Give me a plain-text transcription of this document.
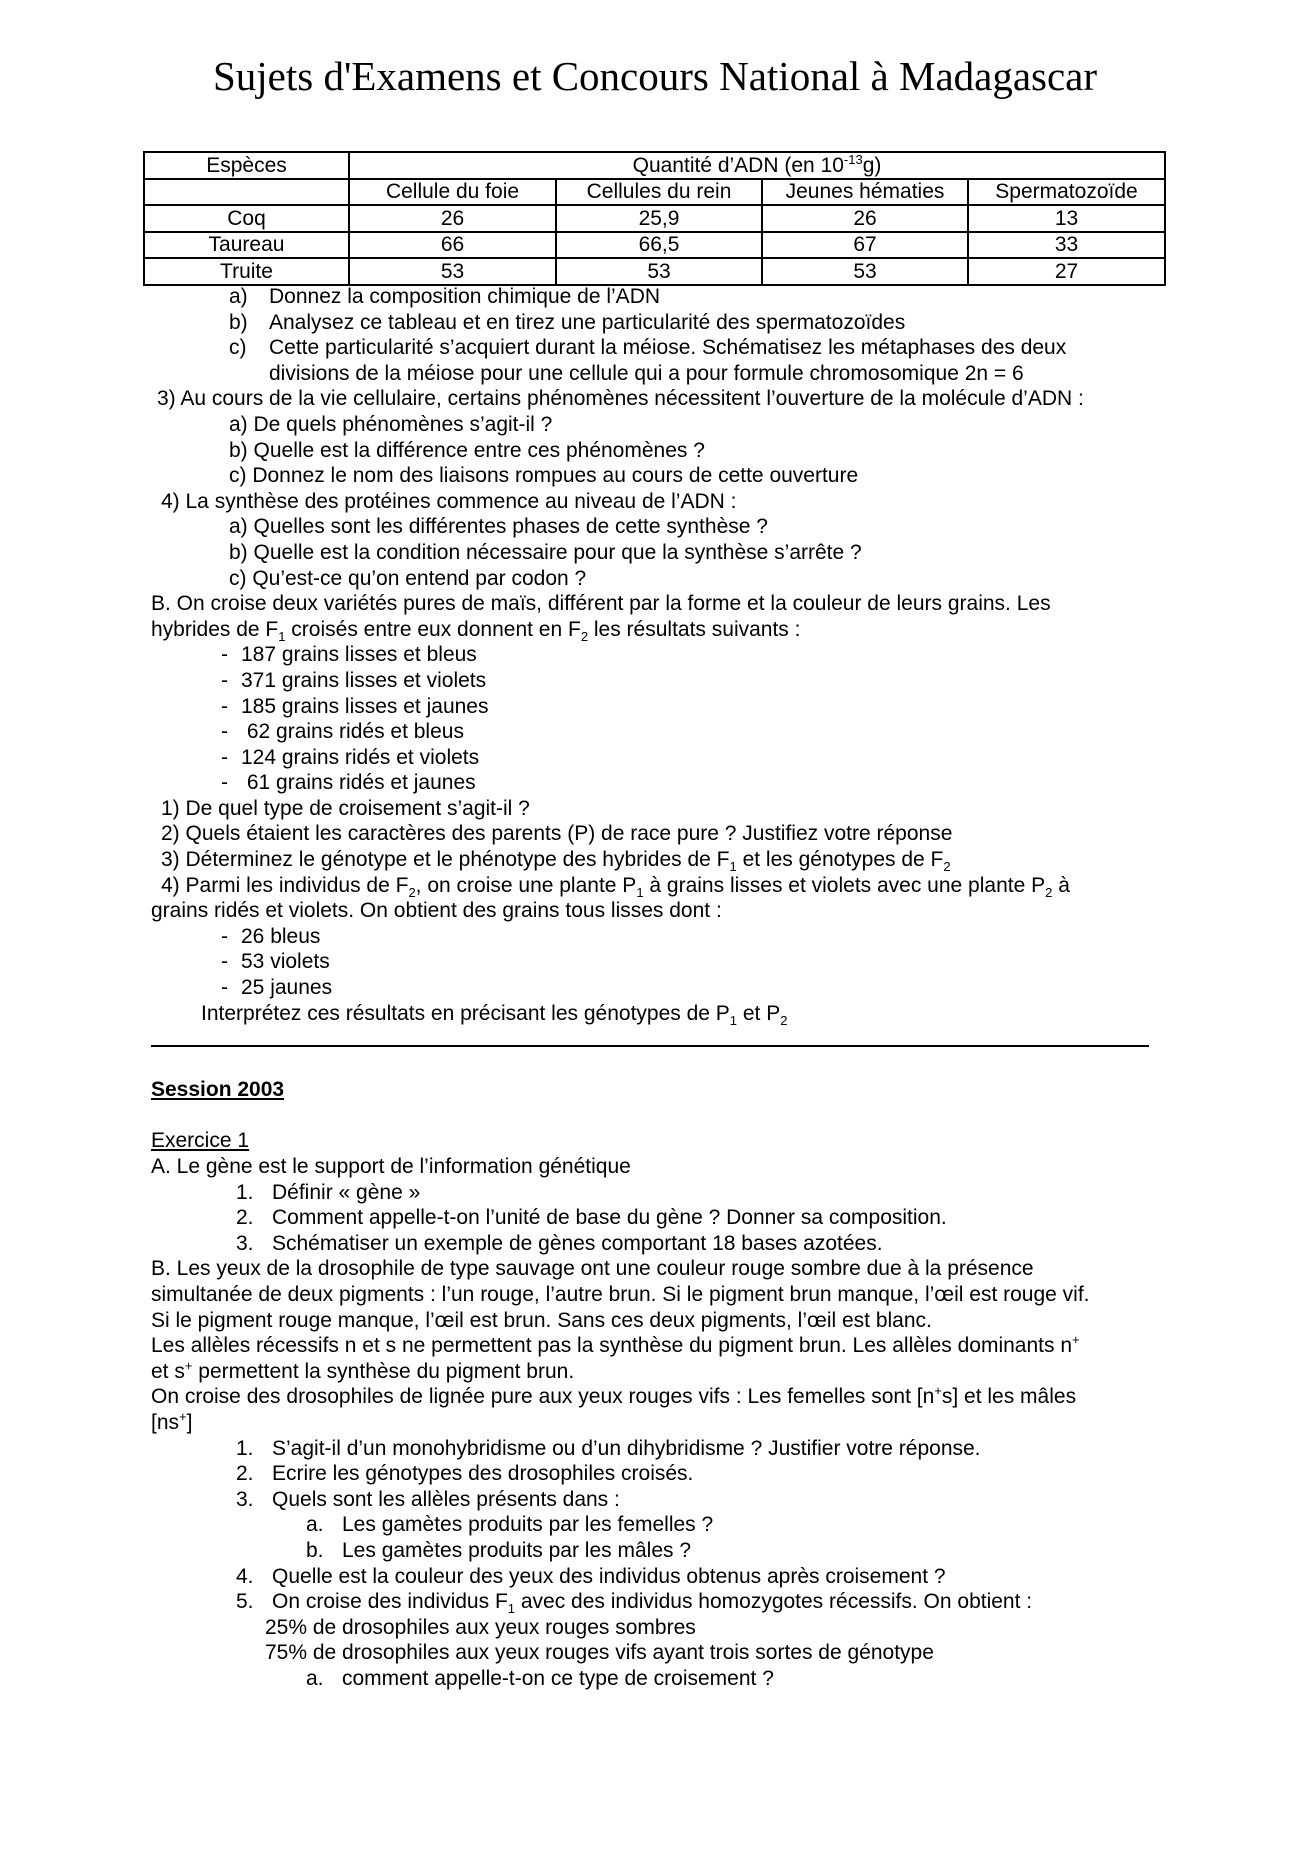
Sujets d'Examens et Concours National à Madagascar
Espèces	Quantité d’ADN (en $10^{-13}g$)			
	Cellule du foie	Cellules du rein	Jeunes hématies	Spermatozoïde
Coq	26	25,9	26	13
Taureau	66	66,5	67	33
Truite	53	53	53	27
a) Donnez la composition chimique de l’ADN
b) Analysez ce tableau et en tirez une particularité des spermatozoïdes
c) Cette particularité s’acquiert durant la méiose. Schématisez les métaphases des deux
divisions de la méiose pour une cellule qui a pour formule chromosomique 2n = 6
3) Au cours de la vie cellulaire, certains phénomènes nécessitent l’ouverture de la molécule d’ADN :
a) De quels phénomènes s’agit-il ?
b) Quelle est la différence entre ces phénomènes ?
c) Donnez le nom des liaisons rompues au cours de cette ouverture
4) La synthèse des protéines commence au niveau de l’ADN :
a) Quelles sont les différentes phases de cette synthèse ?
b) Quelle est la condition nécessaire pour que la synthèse s’arrête ?
c) Qu’est-ce qu’on entend par codon ?
B. On croise deux variétés pures de maïs, différent par la forme et la couleur de leurs grains. Les
hybrides de $F_1$ croisés entre eux donnent en $F_2$ les résultats suivants :
- 187 grains lisses et bleus
- 371 grains lisses et violets
- 185 grains lisses et jaunes
- 62 grains ridés et bleus
- 124 grains ridés et violets
- 61 grains ridés et jaunes
1) De quel type de croisement s’agit-il ?
2) Quels étaient les caractères des parents (P) de race pure ? Justifiez votre réponse
3) Déterminez le génotype et le phénotype des hybrides de $F_1$ et les génotypes de $F_2$
4) Parmi les individus de $F_2$, on croise une plante $P_1$ à grains lisses et violets avec une plante $P_2$ à
grains ridés et violets. On obtient des grains tous lisses dont :
- 26 bleus
- 53 violets
- 25 jaunes
Interprétez ces résultats en précisant les génotypes de $P_1$ et $P_2$
Session 2003
Exercice 1
A. Le gène est le support de l’information génétique
1. Définir « gène »
2. Comment appelle-t-on l’unité de base du gène ? Donner sa composition.
3. Schématiser un exemple de gènes comportant 18 bases azotées.
B. Les yeux de la drosophile de type sauvage ont une couleur rouge sombre due à la présence
simultanée de deux pigments : l’un rouge, l’autre brun. Si le pigment brun manque, l’œil est rouge vif.
Si le pigment rouge manque, l’œil est brun. Sans ces deux pigments, l’œil est blanc.
Les allèles récessifs n et s ne permettent pas la synthèse du pigment brun. Les allèles dominants n+
et s+ permettent la synthèse du pigment brun.
On croise des drosophiles de lignée pure aux yeux rouges vifs : Les femelles sont [n+s] et les mâles
[ns+]
1. S’agit-il d’un monohybridisme ou d’un dihybridisme ? Justifier votre réponse.
2. Ecrire les génotypes des drosophiles croisés.
3. Quels sont les allèles présents dans :
a. Les gamètes produits par les femelles ?
b. Les gamètes produits par les mâles ?
4. Quelle est la couleur des yeux des individus obtenus après croisement ?
5. On croise des individus $F_1$ avec des individus homozygotes récessifs. On obtient :
25% de drosophiles aux yeux rouges sombres
75% de drosophiles aux yeux rouges vifs ayant trois sortes de génotype
a. comment appelle-t-on ce type de croisement ?
